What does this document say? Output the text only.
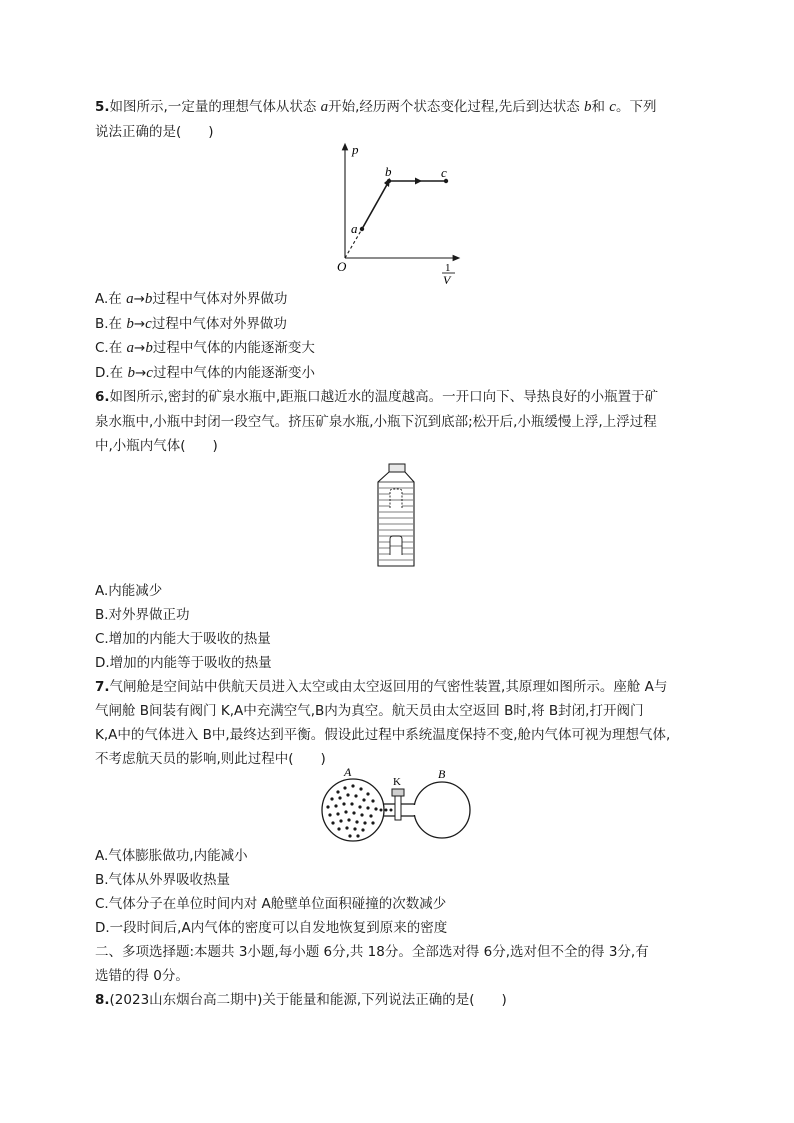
5.如图所示,一定量的理想气体从状态 a开始,经历两个状态变化过程,先后到达状态 b和 c。下列
说法正确的是(　　)
p
a
b	c
O	1
V
A.在 a→b过程中气体对外界做功
B.在 b→c过程中气体对外界做功
C.在 a→b过程中气体的内能逐渐变大
D.在 b→c过程中气体的内能逐渐变小
6.如图所示,密封的矿泉水瓶中,距瓶口越近水的温度越高。一开口向下、导热良好的小瓶置于矿
泉水瓶中,小瓶中封闭一段空气。挤压矿泉水瓶,小瓶下沉到底部;松开后,小瓶缓慢上浮,上浮过程
中,小瓶内气体(　　)
A.内能减少
B.对外界做正功
C.增加的内能大于吸收的热量
D.增加的内能等于吸收的热量
7.气闸舱是空间站中供航天员进入太空或由太空返回用的气密性装置,其原理如图所示。座舱 A与
气闸舱 B间装有阀门 K,A中充满空气,B内为真空。航天员由太空返回 B时,将 B封闭,打开阀门
K,A中的气体进入 B中,最终达到平衡。假设此过程中系统温度保持不变,舱内气体可视为理想气体,
不考虑航天员的影响,则此过程中(　　)
A
K
B
A.气体膨胀做功,内能减小
B.气体从外界吸收热量
C.气体分子在单位时间内对 A舱壁单位面积碰撞的次数减少
D.一段时间后,A内气体的密度可以自发地恢复到原来的密度
二、多项选择题:本题共 3小题,每小题 6分,共 18分。全部选对得 6分,选对但不全的得 3分,有
选错的得 0分。
8.(2023山东烟台高二期中)关于能量和能源,下列说法正确的是(　　)
